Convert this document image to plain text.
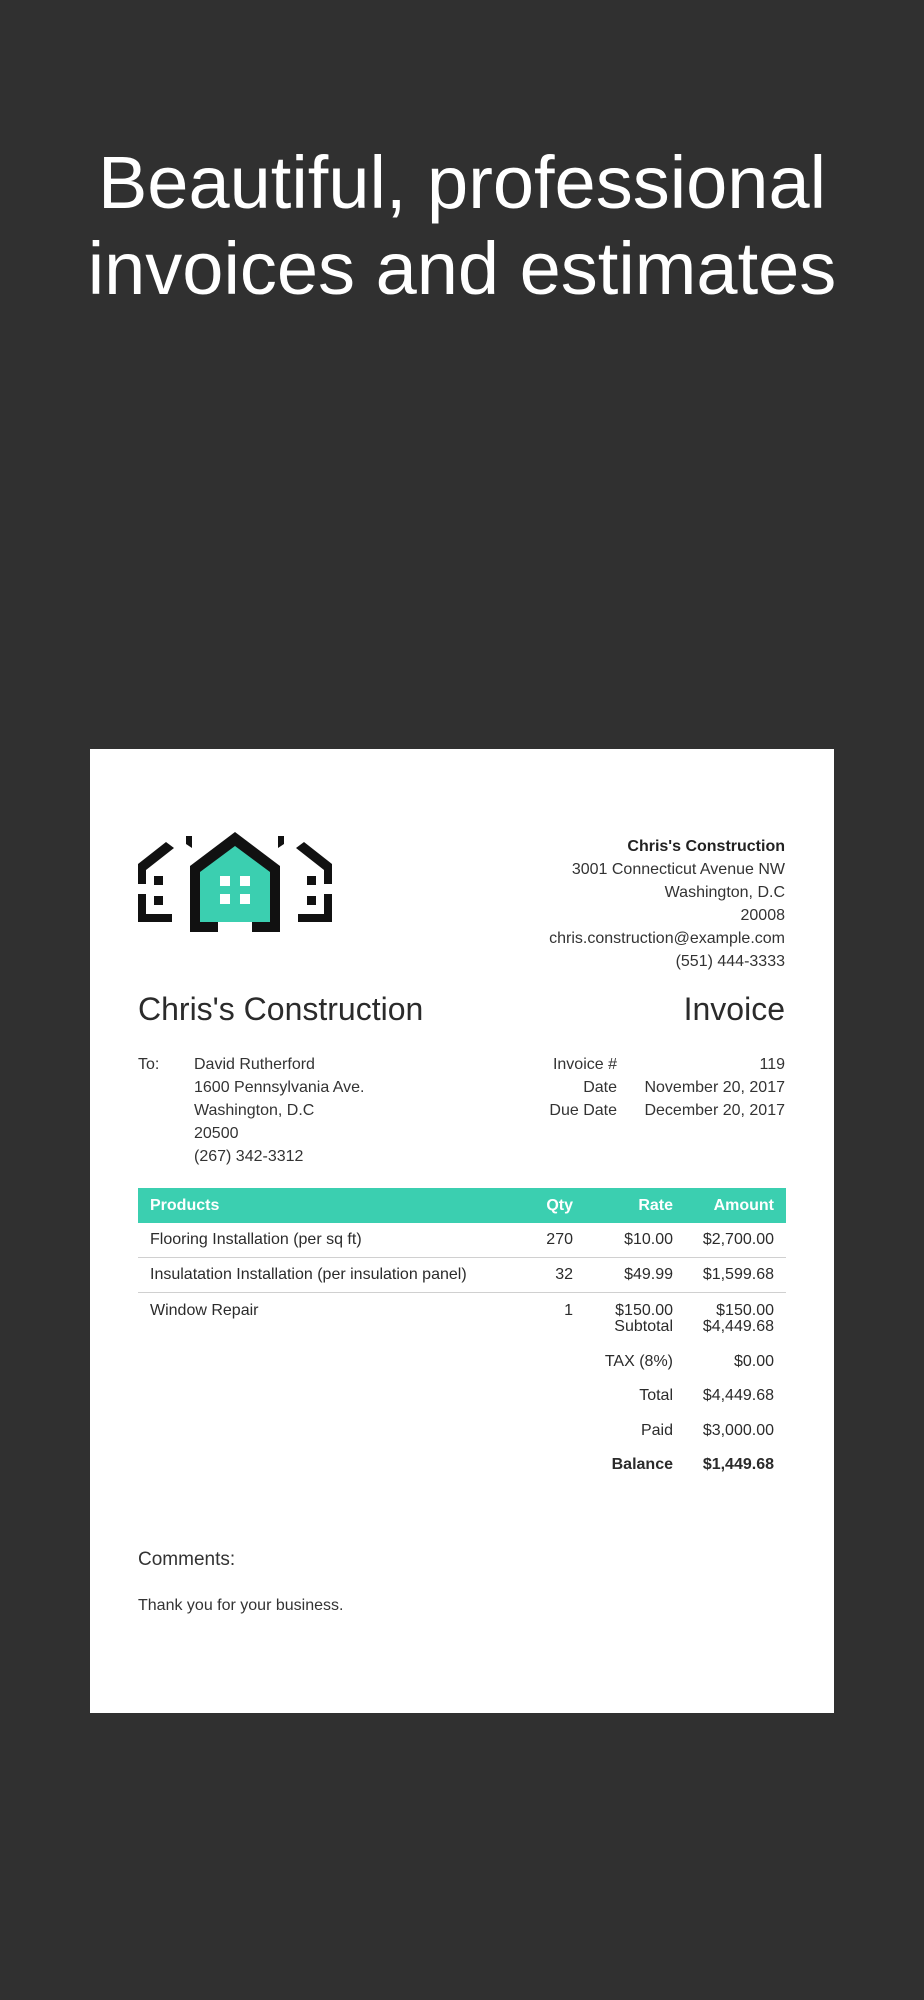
Beautiful, professional
invoices and estimates
Chris's Construction
3001 Connecticut Avenue NW
Washington, D.C
20008
chris.construction@example.com
(551) 444-3333
Chris's Construction	Invoice
To:	David Rutherford
1600 Pennsylvania Ave.
Washington, D.C
20500
(267) 342-3312
Invoice #	119
Date	November 20, 2017
Due Date	December 20, 2017
Products	Qty	Rate	Amount
Flooring Installation (per sq ft)	270	$10.00	$2,700.00
Insulatation Installation (per insulation panel)	32	$49.99	$1,599.68
Window Repair	1	$150.00	$150.00
Subtotal	$4,449.68
TAX (8%)	$0.00
Total	$4,449.68
Paid	$3,000.00
Balance	$1,449.68
Comments:
Thank you for your business.
